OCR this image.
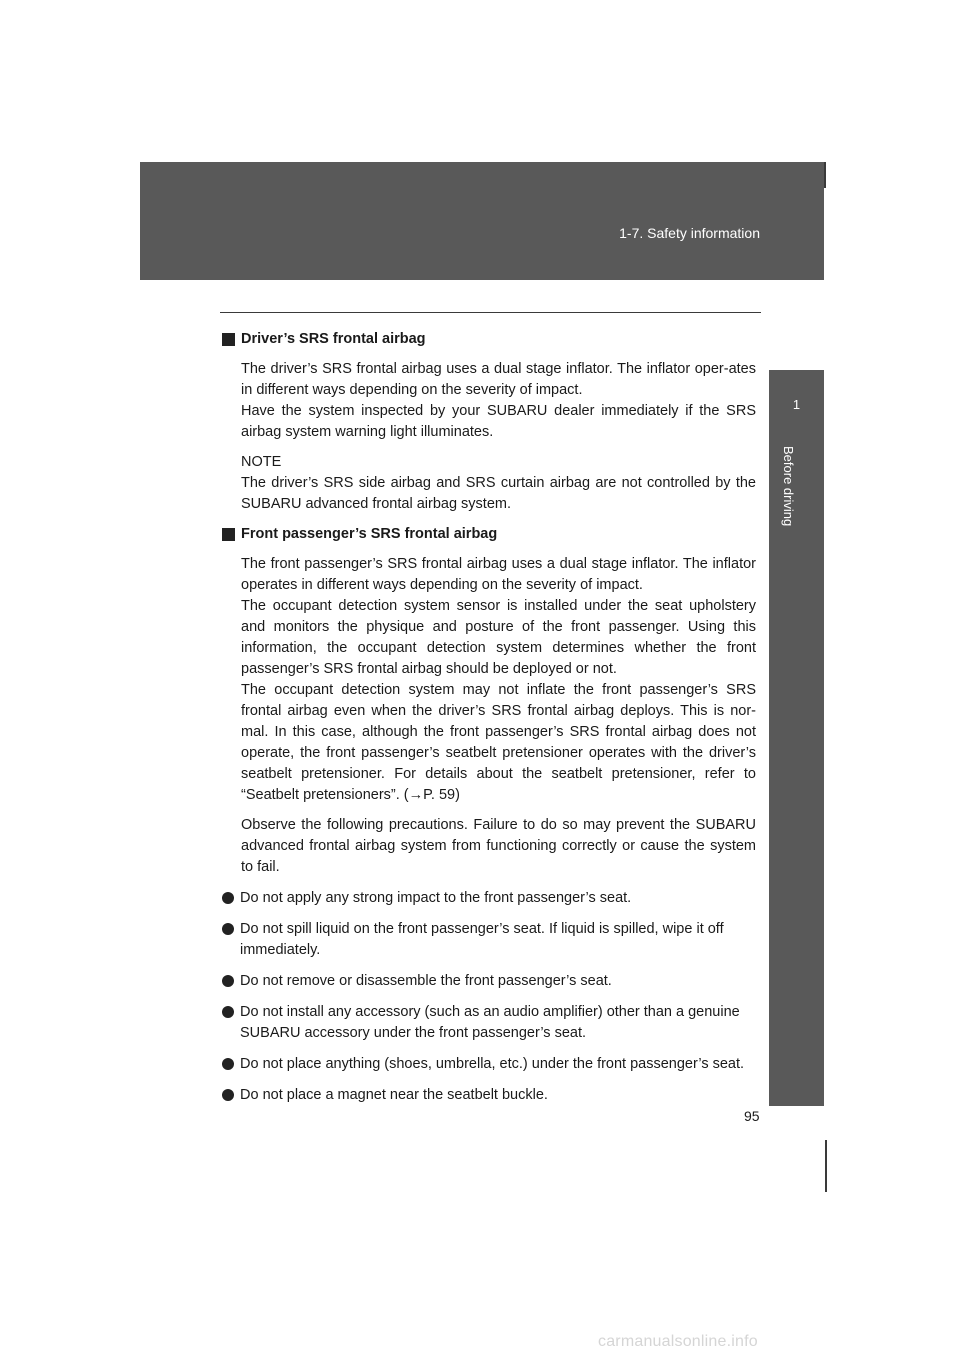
1-7. Safety information
1
Before driving

Driver’s SRS frontal airbag

The driver’s SRS frontal airbag uses a dual stage inflator. The inflator oper-ates in different ways depending on the severity of impact.

Have the system inspected by your SUBARU dealer immediately if the SRS airbag system warning light illuminates.

NOTE

The driver’s SRS side airbag and SRS curtain airbag are not controlled by the SUBARU advanced frontal airbag system.

Front passenger’s SRS frontal airbag

The front passenger’s SRS frontal airbag uses a dual stage inflator. The inflator operates in different ways depending on the severity of impact.

The occupant detection system sensor is installed under the seat upholstery and monitors the physique and posture of the front passenger. Using this information, the occupant detection system determines whether the front passenger’s SRS frontal airbag should be deployed or not.

The occupant detection system may not inflate the front passenger’s SRS frontal airbag even when the driver’s SRS frontal airbag deploys. This is nor-mal. In this case, although the front passenger’s SRS frontal airbag does not operate, the front passenger’s seatbelt pretensioner operates with the driver’s seatbelt pretensioner. For details about the seatbelt pretensioner, refer to “Seatbelt pretensioners”. (→P. 59)

Observe the following precautions. Failure to do so may prevent the SUBARU advanced frontal airbag system from functioning correctly or cause the system to fail.

Do not apply any strong impact to the front passenger’s seat.
Do not spill liquid on the front passenger’s seat. If liquid is spilled, wipe it off immediately.
Do not remove or disassemble the front passenger’s seat.
Do not install any accessory (such as an audio amplifier) other than a genuine SUBARU accessory under the front passenger’s seat.
Do not place anything (shoes, umbrella, etc.) under the front passenger’s seat.
Do not place a magnet near the seatbelt buckle.
95
carmanualsonline.info
